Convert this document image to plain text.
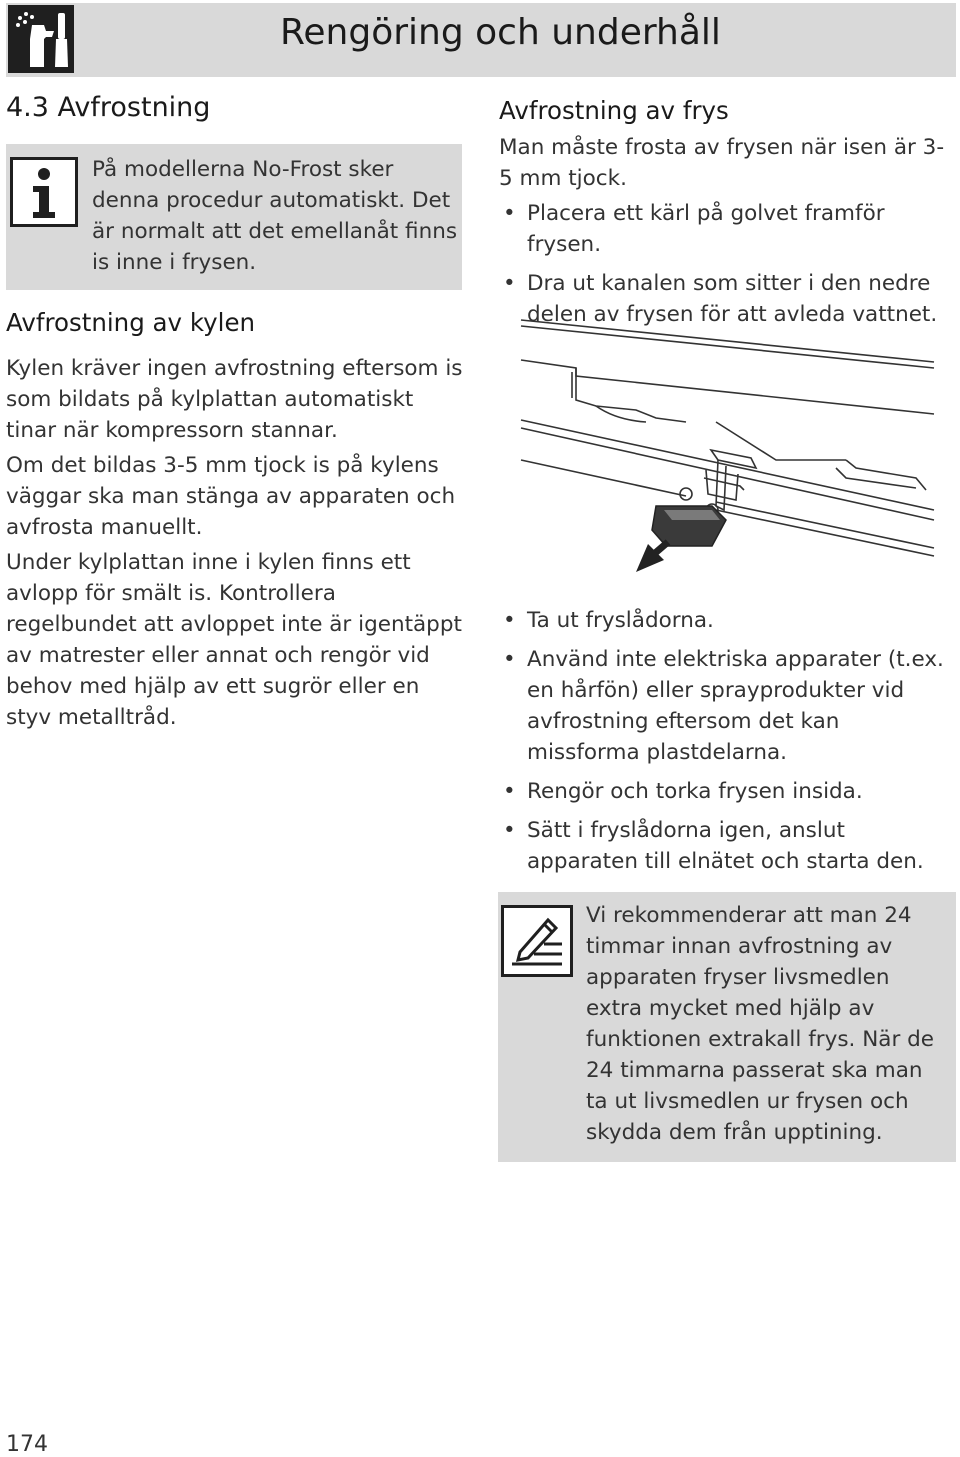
Rengöring och underhåll
4.3 Avfrostning
På modellerna No-Frost sker denna procedur automatiskt. Det är normalt att det emellanåt finns is inne i frysen.
Avfrostning av kylen
Kylen kräver ingen avfrostning eftersom is som bildats på kylplattan automatiskt tinar när kompressorn stannar.
Om det bildas 3-5 mm tjock is på kylens väggar ska man stänga av apparaten och avfrosta manuellt.
Under kylplattan inne i kylen finns ett avlopp för smält is. Kontrollera regelbundet att avloppet inte är igentäppt av matrester eller annat och rengör vid behov med hjälp av ett sugrör eller en styv metalltråd.
Avfrostning av frys
Man måste frosta av frysen när isen är 3-5 mm tjock.
• Placera ett kärl på golvet framför frysen.
• Dra ut kanalen som sitter i den nedre delen av frysen för att avleda vattnet.
• Ta ut fryslådorna.
• Använd inte elektriska apparater (t.ex. en hårfön) eller sprayprodukter vid avfrostning eftersom det kan missforma plastdelarna.
• Rengör och torka frysen insida.
• Sätt i fryslådorna igen, anslut apparaten till elnätet och starta den.
Vi rekommenderar att man 24 timmar innan avfrostning av apparaten fryser livsmedlen extra mycket med hjälp av funktionen extrakall frys. När de 24 timmarna passerat ska man ta ut livsmedlen ur frysen och skydda dem från upptining.
174
